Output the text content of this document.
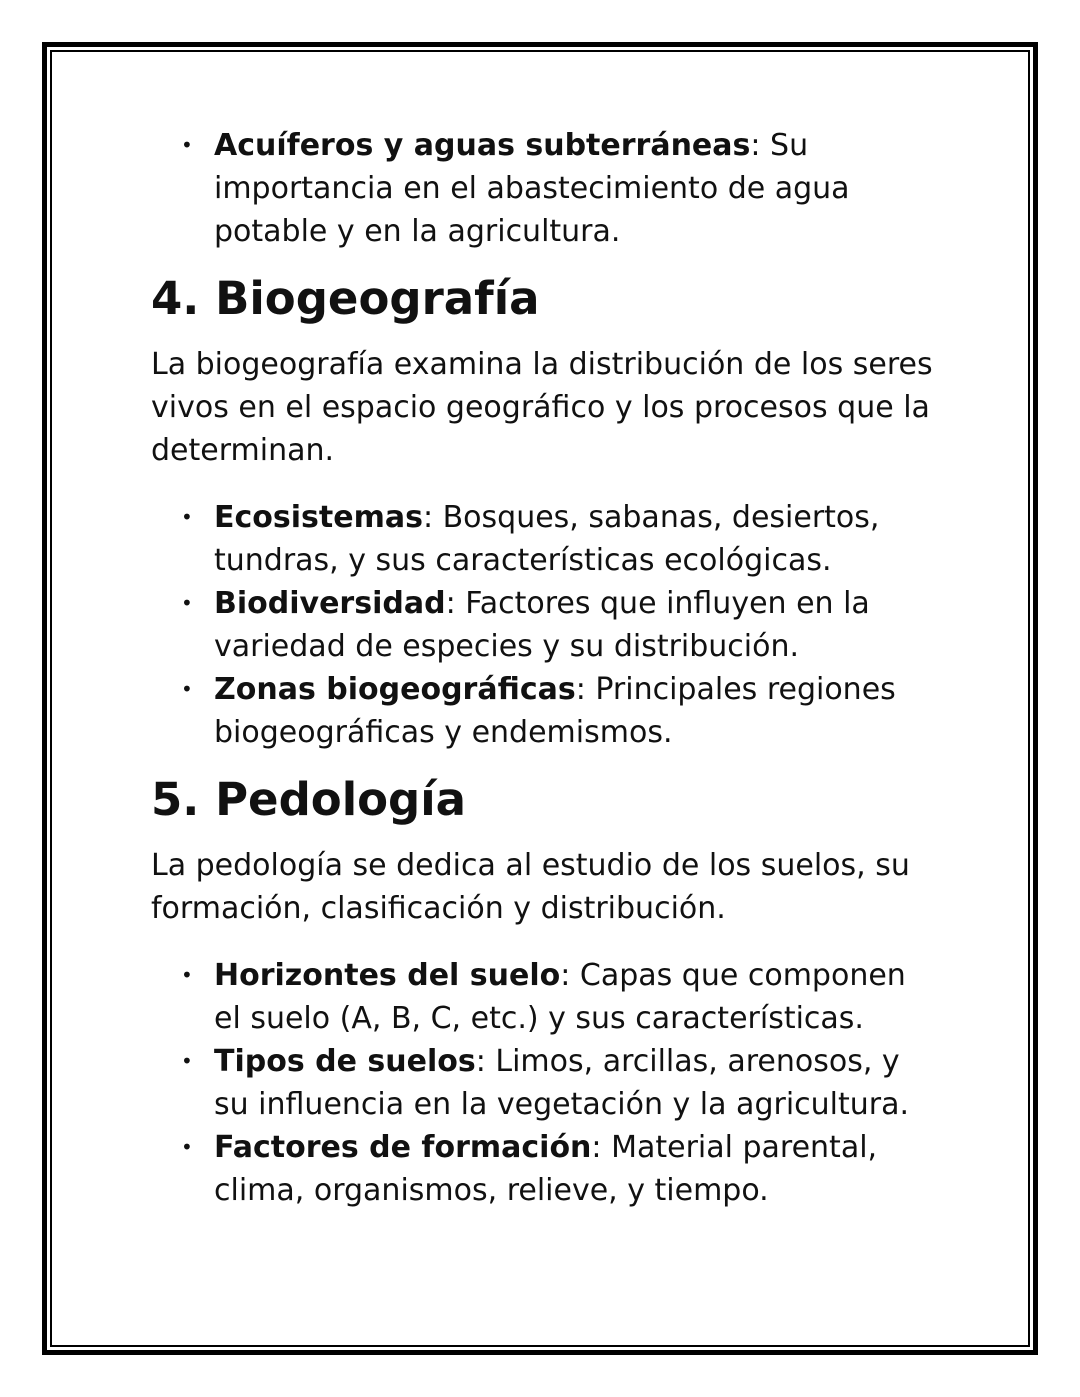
• Acuíferos y aguas subterráneas: Su importancia en el abastecimiento de agua potable y en la agricultura.
4. Biogeografía

La biogeografía examina la distribución de los seres vivos en el espacio geográfico y los procesos que la determinan.

• Ecosistemas: Bosques, sabanas, desiertos, tundras, y sus características ecológicas.
• Biodiversidad: Factores que influyen en la variedad de especies y su distribución.
• Zonas biogeográficas: Principales regiones biogeográficas y endemismos.
5. Pedología

La pedología se dedica al estudio de los suelos, su formación, clasificación y distribución.

• Horizontes del suelo: Capas que componen el suelo (A, B, C, etc.) y sus características.
• Tipos de suelos: Limos, arcillas, arenosos, y su influencia en la vegetación y la agricultura.
• Factores de formación: Material parental, clima, organismos, relieve, y tiempo.
